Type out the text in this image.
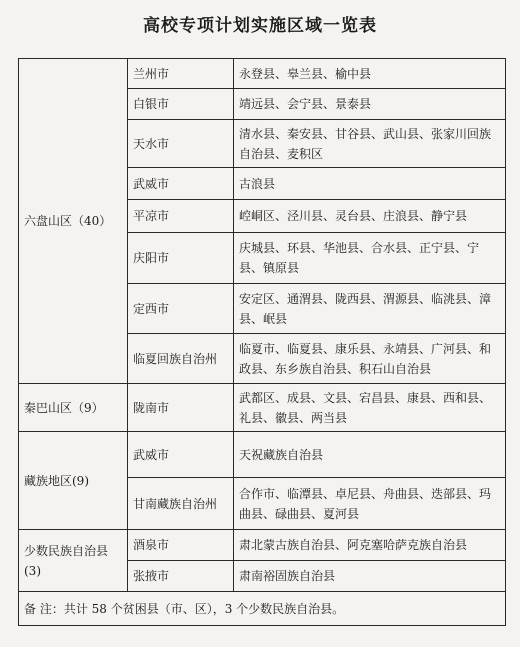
高校专项计划实施区域一览表
六盘山区（40）	兰州市	永登县、皋兰县、榆中县
	白银市	靖远县、会宁县、景泰县
	天水市	清水县、秦安县、甘谷县、武山县、张家川回族自治县、麦积区
	武威市	古浪县
	平凉市	崆峒区、泾川县、灵台县、庄浪县、静宁县
	庆阳市	庆城县、环县、华池县、合水县、正宁县、宁县、镇原县
	定西市	安定区、通渭县、陇西县、渭源县、临洮县、漳县、岷县
	临夏回族自治州	临夏市、临夏县、康乐县、永靖县、广河县、和政县、东乡族自治县、积石山自治县
秦巴山区（9）	陇南市	武都区、成县、文县、宕昌县、康县、西和县、礼县、徽县、两当县
藏族地区(9)	武威市	天祝藏族自治县
	甘南藏族自治州	合作市、临潭县、卓尼县、舟曲县、迭部县、玛曲县、碌曲县、夏河县
少数民族自治县(3)	酒泉市	肃北蒙古族自治县、阿克塞哈萨克族自治县
	张掖市	肃南裕固族自治县
备 注：共计 58 个贫困县（市、区），3 个少数民族自治县。		
